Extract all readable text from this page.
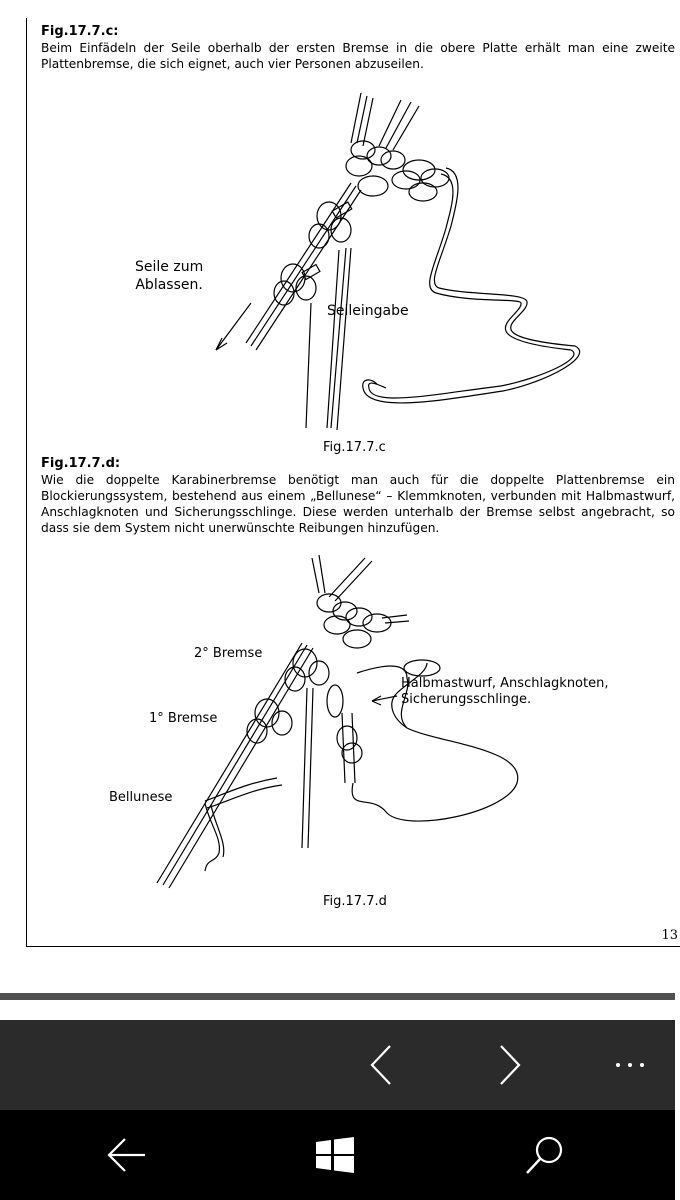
Fig.17.7.c:
Beim Einfädeln der Seile oberhalb der ersten Bremse in die obere Platte erhält man eine zweite Plattenbremse, die sich eignet, auch vier Personen abzuseilen.
Seile zum
Ablassen.
Seileingabe
Fig.17.7.c
Fig.17.7.d:
Wie die doppelte Karabinerbremse benötigt man auch für die doppelte Plattenbremse ein Blockierungssystem, bestehend aus einem „Bellunese“ – Klemmknoten, verbunden mit Halbmastwurf, Anschlagknoten und Sicherungsschlinge. Diese werden unterhalb der Bremse selbst angebracht, so dass sie dem System nicht unerwünschte Reibungen hinzufügen.
2° Bremse
1° Bremse
Bellunese
Halbmastwurf, Anschlagknoten,
Sicherungsschlinge.
Fig.17.7.d
13
